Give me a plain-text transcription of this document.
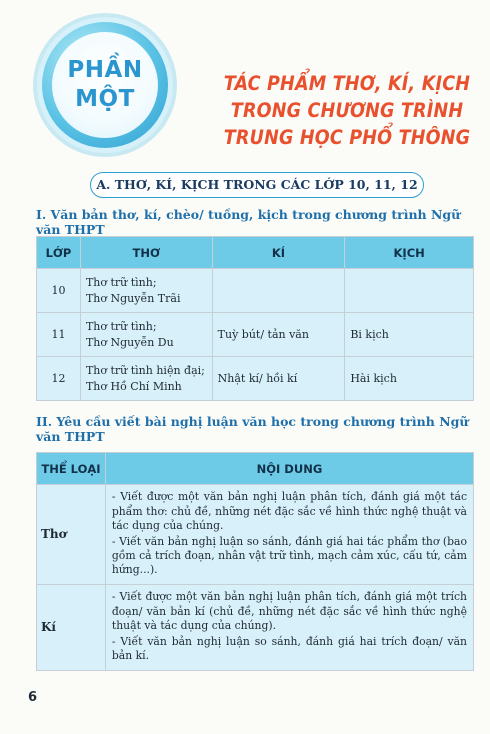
PHẦN
MỘT
TÁC PHẨM THƠ, KÍ, KỊCH
TRONG CHƯƠNG TRÌNH
TRUNG HỌC PHỔ THÔNG
A. THƠ, KÍ, KỊCH TRONG CÁC LỚP 10, 11, 12
I. Văn bản thơ, kí, chèo/ tuồng, kịch trong chương trình Ngữ văn THPT
LỚP	THƠ	KÍ	KỊCH
10	Thơ trữ tình;
Thơ Nguyễn Trãi		

11	Thơ trữ tình;
Thơ Nguyễn Du	Tuỳ bút/ tản văn	Bi kịch
12	Thơ trữ tình hiện đại;
Thơ Hồ Chí Minh	Nhật kí/ hồi kí	Hài kịch
II. Yêu cầu viết bài nghị luận văn học trong chương trình Ngữ văn THPT
THỂ LOẠI	NỘI DUNG
Thơ	- Viết được một văn bản nghị luận phân tích, đánh giá một tác phẩm thơ: chủ đề, những nét đặc sắc về hình thức nghệ thuật và tác dụng của chúng.

- Viết văn bản nghị luận so sánh, đánh giá hai tác phẩm thơ (bao gồm cả trích đoạn, nhân vật trữ tình, mạch cảm xúc, cấu tứ, cảm hứng...).

Kí	- Viết được một văn bản nghị luận phân tích, đánh giá một trích đoạn/ văn bản kí (chủ đề, những nét đặc sắc về hình thức nghệ thuật và tác dụng của chúng).

- Viết văn bản nghị luận so sánh, đánh giá hai trích đoạn/ văn bản kí.

6
